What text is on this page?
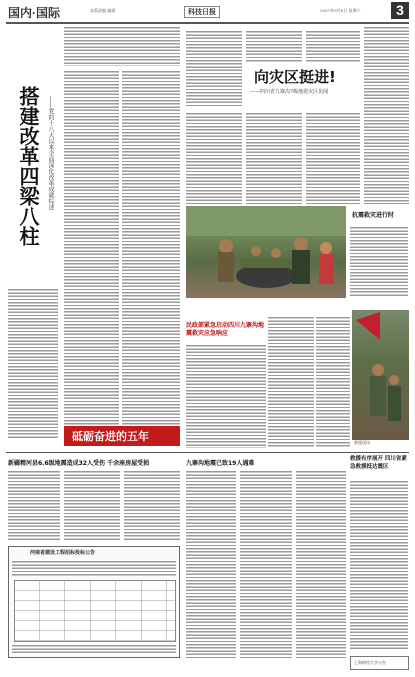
国内·国际	本版责编 编辑	科技日报	2007年9月8日 星期六	3
搭建改革四梁八柱 ——党的十八大以来全面深化改革成就综述
砥砺奋进的五年
向灾区挺进!
——四川省九寨沟7级地震灾区见闻
抗震救灾进行时
民政部紧急启动四川九寨沟地震救灾应急响应
救援现场
新疆精河县6.6级地震造成32人受伤 千余座房屋受损	九寨沟地震已致19人遇难
救援有序展开 四川省紧急救援抵达震区
河南省建设工程招标投标公告
上海财经大学公告
